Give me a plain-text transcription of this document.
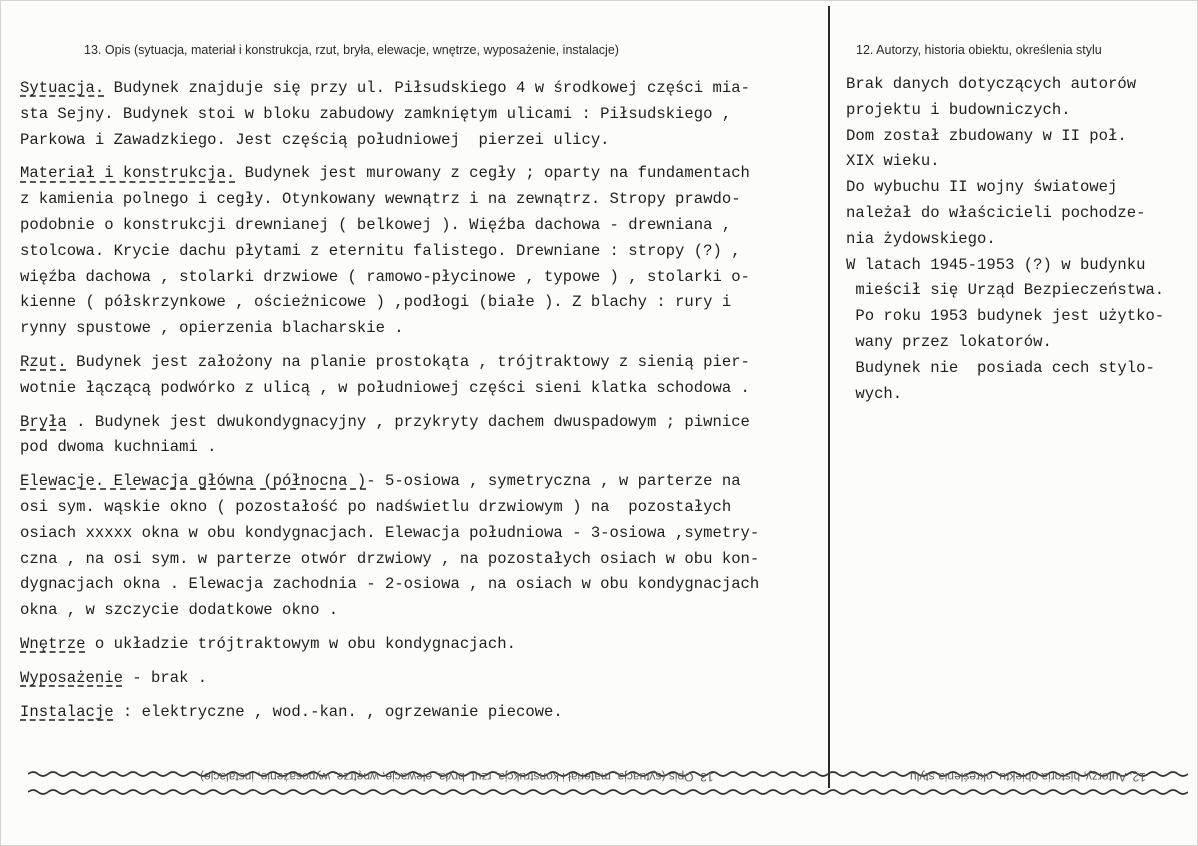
13. Opis (sytuacja, materiał i konstrukcja, rzut, bryła, elewacje, wnętrze, wyposażenie, instalacje)	12. Autorzy, historia obiektu, określenia stylu
Sytuacja. Budynek znajduje się przy ul. Piłsudskiego 4 w środkowej części mia-
sta Sejny. Budynek stoi w bloku zabudowy zamkniętym ulicami : Piłsudskiego ,
Parkowa i Zawadzkiego. Jest częścią południowej  pierzei ulicy.
Materiał i konstrukcja. Budynek jest murowany z cegły ; oparty na fundamentach
z kamienia polnego i cegły. Otynkowany wewnątrz i na zewnątrz. Stropy prawdo-
podobnie o konstrukcji drewnianej ( belkowej ). Więźba dachowa - drewniana ,
stolcowa. Krycie dachu płytami z eternitu falistego. Drewniane : stropy (?) ,
więźba dachowa , stolarki drzwiowe ( ramowo-płycinowe , typowe ) , stolarki o-
kienne ( półskrzynkowe , ościeżnicowe ) ,podłogi (białe ). Z blachy : rury i
rynny spustowe , opierzenia blacharskie .
Rzut. Budynek jest założony na planie prostokąta , trójtraktowy z sienią pier-
wotnie łączącą podwórko z ulicą , w południowej części sieni klatka schodowa .
Bryła . Budynek jest dwukondygnacyjny , przykryty dachem dwuspadowym ; piwnice
pod dwoma kuchniami .
Elewacje. Elewacja główna (północna )- 5-osiowa , symetryczna , w parterze na
osi sym. wąskie okno ( pozostałość po nadświetlu drzwiowym ) na  pozostałych
osiach xxxxx okna w obu kondygnacjach. Elewacja południowa - 3-osiowa ,symetry-
czna , na osi sym. w parterze otwór drzwiowy , na pozostałych osiach w obu kon-
dygnacjach okna . Elewacja zachodnia - 2-osiowa , na osiach w obu kondygnacjach
okna , w szczycie dodatkowe okno .
Wnętrze o układzie trójtraktowym w obu kondygnacjach.
Wyposażenie - brak .
Instalacje : elektryczne , wod.-kan. , ogrzewanie piecowe.
Brak danych dotyczących autorów
projektu i budowniczych.
Dom został zbudowany w II poł.
XIX wieku.
Do wybuchu II wojny światowej
należał do właścicieli pochodze-
nia żydowskiego.
W latach 1945-1953 (?) w budynku
mieścił się Urząd Bezpieczeństwa.
Po roku 1953 budynek jest użytko-
wany przez lokatorów.
Budynek nie  posiada cech stylo-
wych.
13. Opis (sytuacja, materiał i konstrukcja, rzut, bryła, elewacje, wnętrze, wyposażenie, instalacje)	12. Autorzy, historia obiektu, określenia stylu
